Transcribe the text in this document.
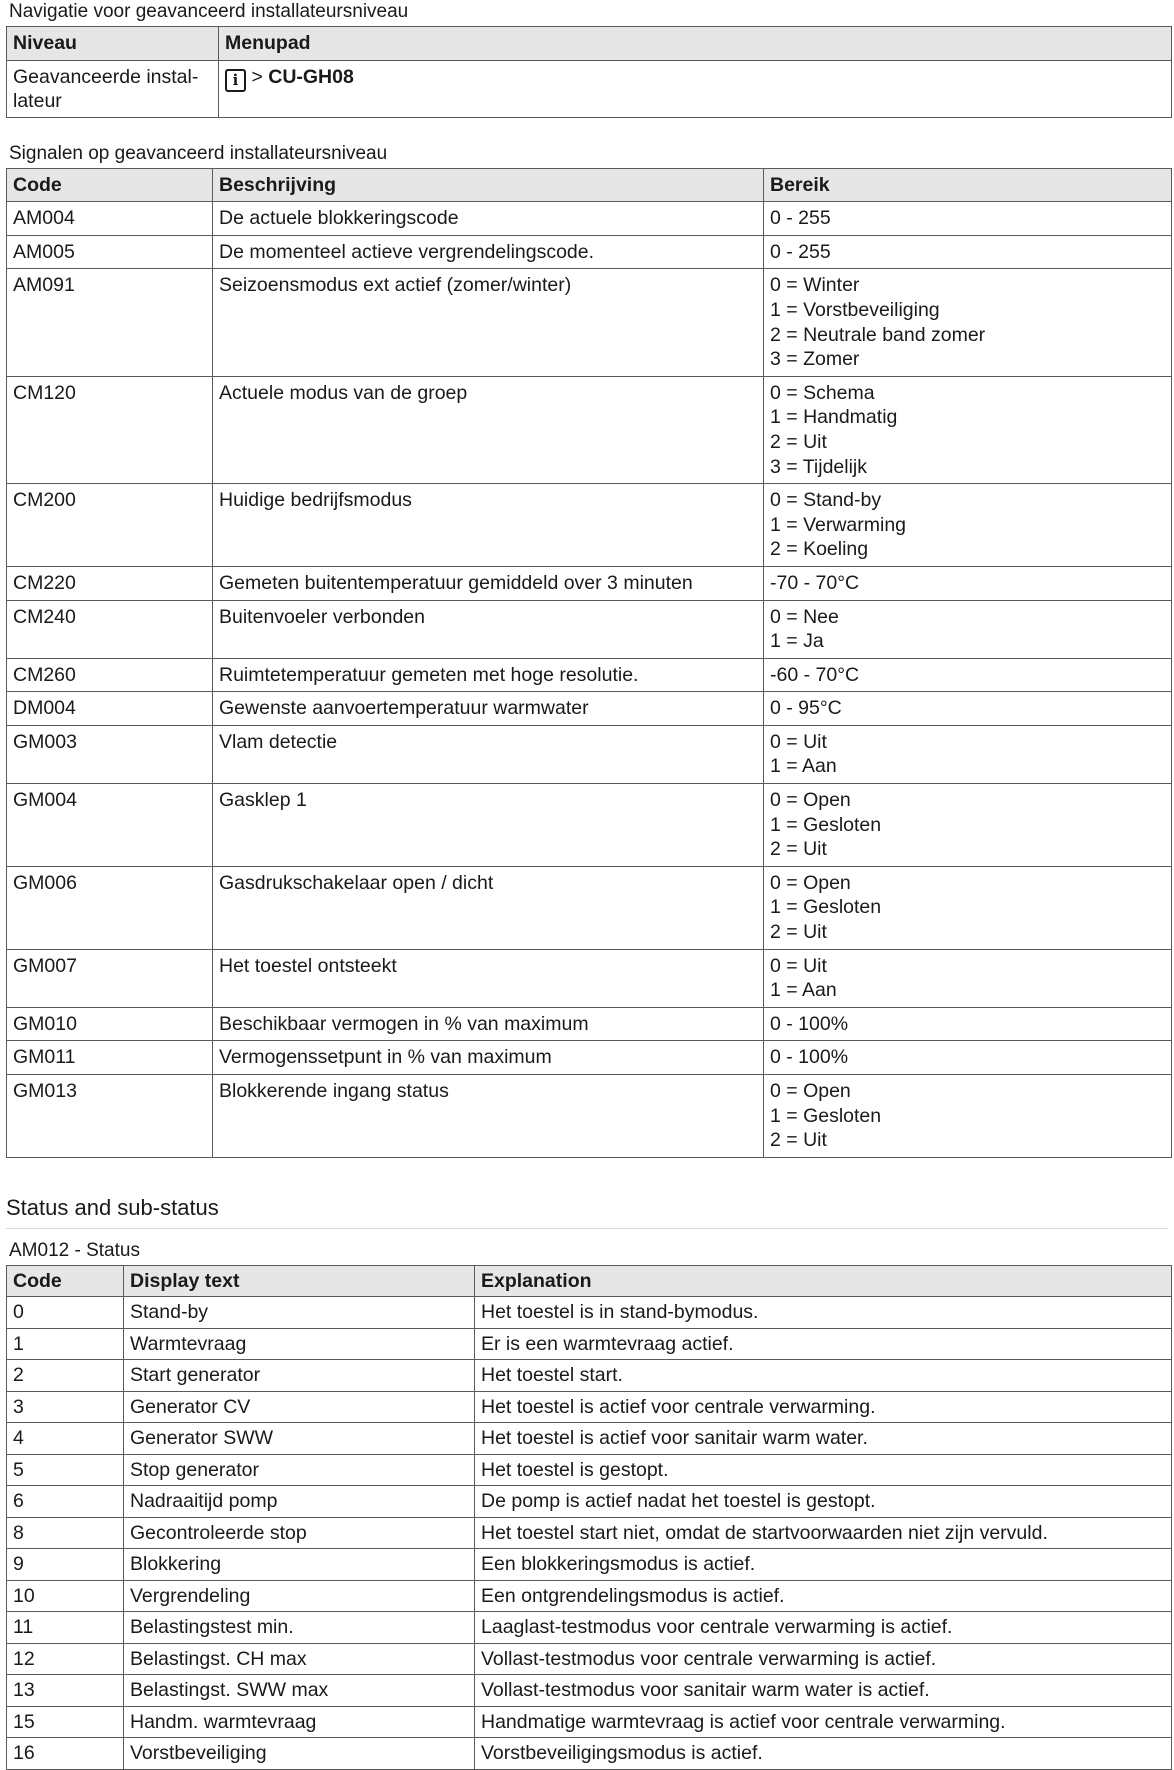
Navigatie voor geavanceerd installateursniveau
Niveau	Menupad
Geavanceerde instal-
lateur	i > CU-GH08
Signalen op geavanceerd installateursniveau
Code	Beschrijving	Bereik
AM004	De actuele blokkeringscode	0 - 255

AM005	De momenteel actieve vergrendelingscode.	0 - 255

AM091	Seizoensmodus ext actief (zomer/winter)	0 = Winter
1 = Vorstbeveiliging
2 = Neutrale band zomer
3 = Zomer

CM120	Actuele modus van de groep	0 = Schema
1 = Handmatig
2 = Uit
3 = Tijdelijk

CM200	Huidige bedrijfsmodus	0 = Stand-by
1 = Verwarming
2 = Koeling

CM220	Gemeten buitentemperatuur gemiddeld over 3 minuten	-70 - 70°C

CM240	Buitenvoeler verbonden	0 = Nee
1 = Ja

CM260	Ruimtetemperatuur gemeten met hoge resolutie.	-60 - 70°C

DM004	Gewenste aanvoertemperatuur warmwater	0 - 95°C

GM003	Vlam detectie	0 = Uit
1 = Aan

GM004	Gasklep 1	0 = Open
1 = Gesloten
2 = Uit

GM006	Gasdrukschakelaar open / dicht	0 = Open
1 = Gesloten
2 = Uit

GM007	Het toestel ontsteekt	0 = Uit
1 = Aan

GM010	Beschikbaar vermogen in % van maximum	0 - 100%

GM011	Vermogenssetpunt in % van maximum	0 - 100%

GM013	Blokkerende ingang status	0 = Open
1 = Gesloten
2 = Uit
Status and sub-status
AM012 - Status
Code	Display text	Explanation
0	Stand-by	Het toestel is in stand-bymodus.
1	Warmtevraag	Er is een warmtevraag actief.
2	Start generator	Het toestel start.
3	Generator CV	Het toestel is actief voor centrale verwarming.
4	Generator SWW	Het toestel is actief voor sanitair warm water.
5	Stop generator	Het toestel is gestopt.
6	Nadraaitijd pomp	De pomp is actief nadat het toestel is gestopt.
8	Gecontroleerde stop	Het toestel start niet, omdat de startvoorwaarden niet zijn vervuld.
9	Blokkering	Een blokkeringsmodus is actief.
10	Vergrendeling	Een ontgrendelingsmodus is actief.
11	Belastingstest min.	Laaglast-testmodus voor centrale verwarming is actief.
12	Belastingst. CH max	Vollast-testmodus voor centrale verwarming is actief.
13	Belastingst. SWW max	Vollast-testmodus voor sanitair warm water is actief.
15	Handm. warmtevraag	Handmatige warmtevraag is actief voor centrale verwarming.
16	Vorstbeveiliging	Vorstbeveiligingsmodus is actief.
